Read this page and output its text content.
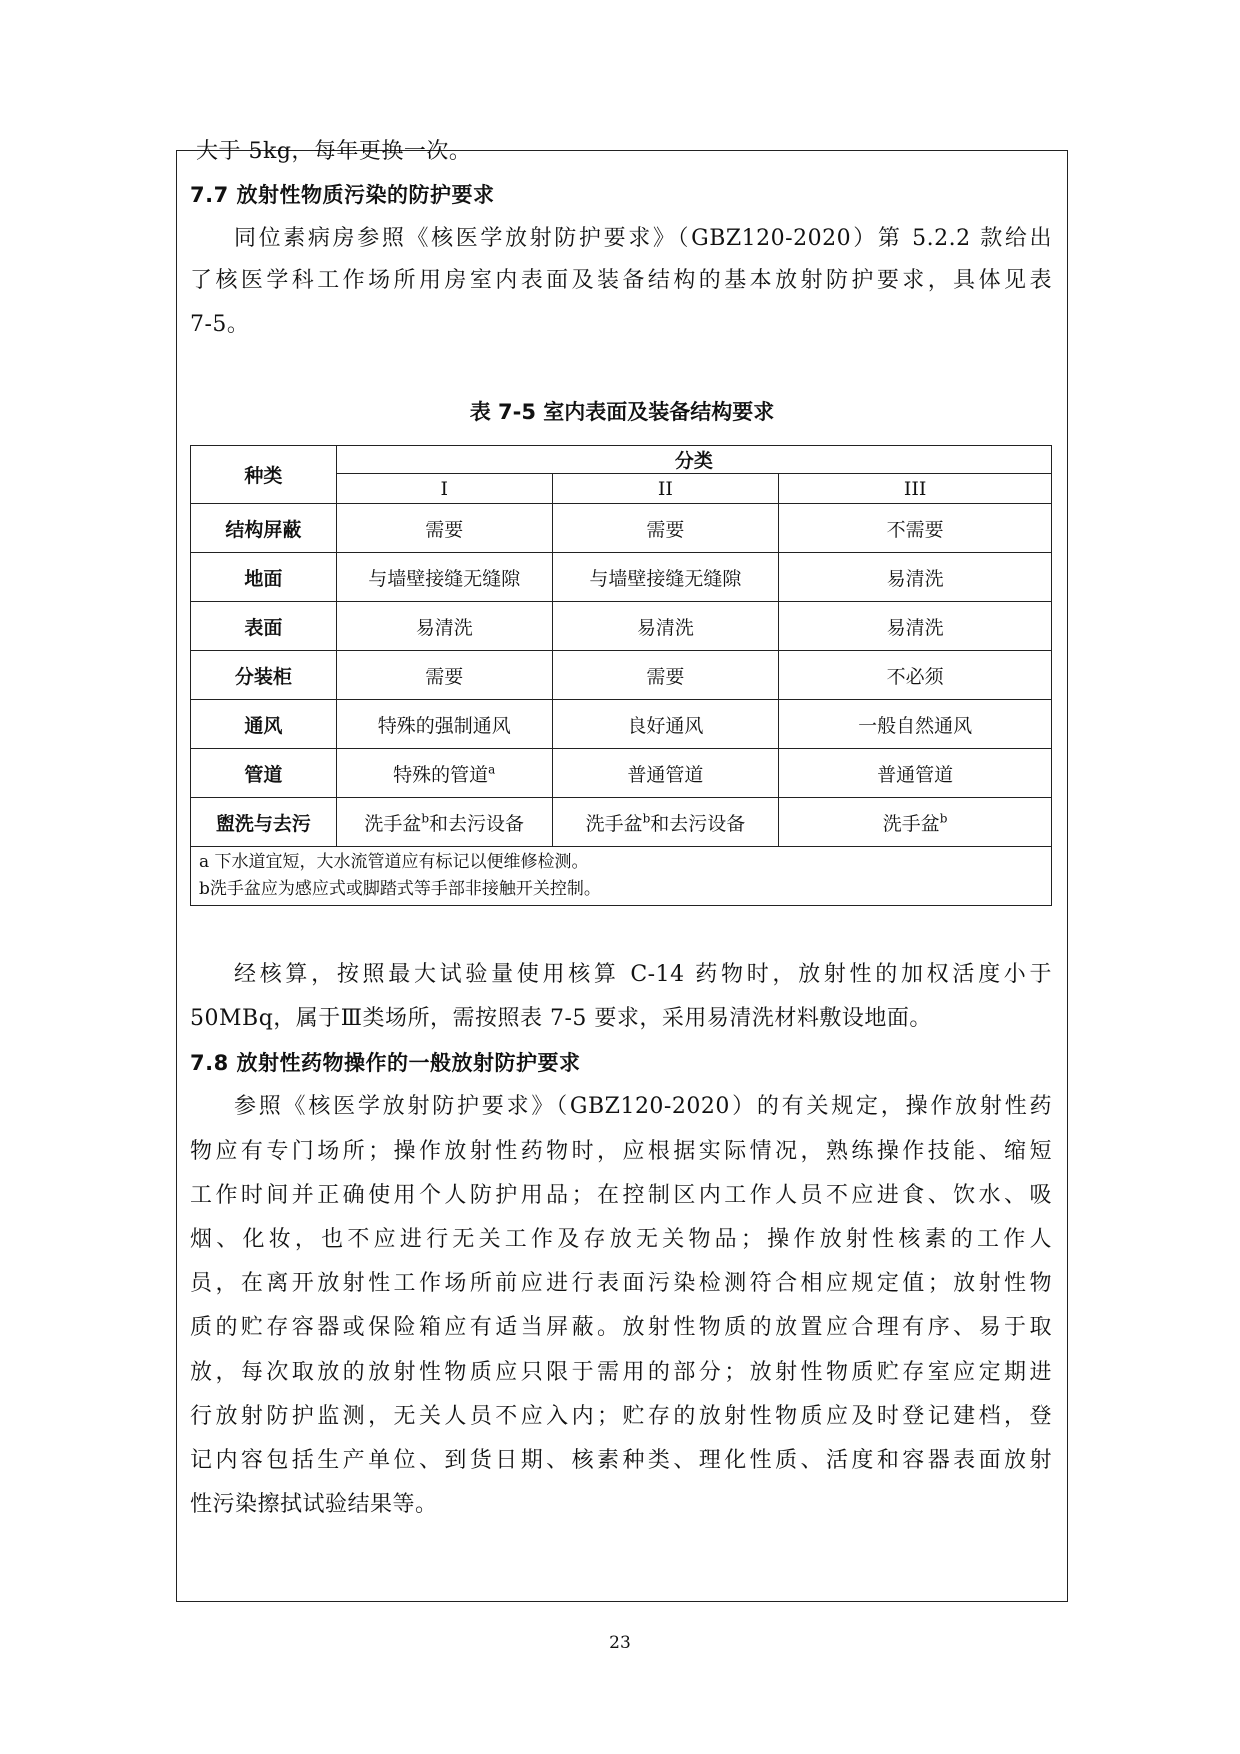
大于 5kg，每年更换一次。
7.7 放射性物质污染的防护要求
同位素病房参照《核医学放射防护要求》（GBZ120-2020）第 5.2.2 款给出
了核医学科工作场所用房室内表面及装备结构的基本放射防护要求，具体见表
7-5。
表 7-5 室内表面及装备结构要求
种类	分类		
	I	II	III
结构屏蔽	需要	需要	不需要
地面	与墙壁接缝无缝隙	与墙壁接缝无缝隙	易清洗
表面	易清洗	易清洗	易清洗
分装柜	需要	需要	不必须
通风	特殊的强制通风	良好通风	一般自然通风
管道	特殊的管道$^a$	普通管道	普通管道
盥洗与去污	洗手盆$^b$和去污设备	洗手盆$^b$和去污设备	洗手盆$^b$

a 下水道宜短，大水流管道应有标记以便维修检测。
b洗手盆应为感应式或脚踏式等手部非接触开关控制。			
经核算，按照最大试验量使用核算 C-14 药物时，放射性的加权活度小于
50MBq，属于Ⅲ类场所，需按照表 7-5 要求，采用易清洗材料敷设地面。
7.8 放射性药物操作的一般放射防护要求
参照《核医学放射防护要求》（GBZ120-2020）的有关规定，操作放射性药
物应有专门场所；操作放射性药物时，应根据实际情况，熟练操作技能、缩短
工作时间并正确使用个人防护用品；在控制区内工作人员不应进食、饮水、吸
烟、化妆，也不应进行无关工作及存放无关物品；操作放射性核素的工作人
员，在离开放射性工作场所前应进行表面污染检测符合相应规定值；放射性物
质的贮存容器或保险箱应有适当屏蔽。放射性物质的放置应合理有序、易于取
放，每次取放的放射性物质应只限于需用的部分；放射性物质贮存室应定期进
行放射防护监测，无关人员不应入内；贮存的放射性物质应及时登记建档，登
记内容包括生产单位、到货日期、核素种类、理化性质、活度和容器表面放射
性污染擦拭试验结果等。
23
